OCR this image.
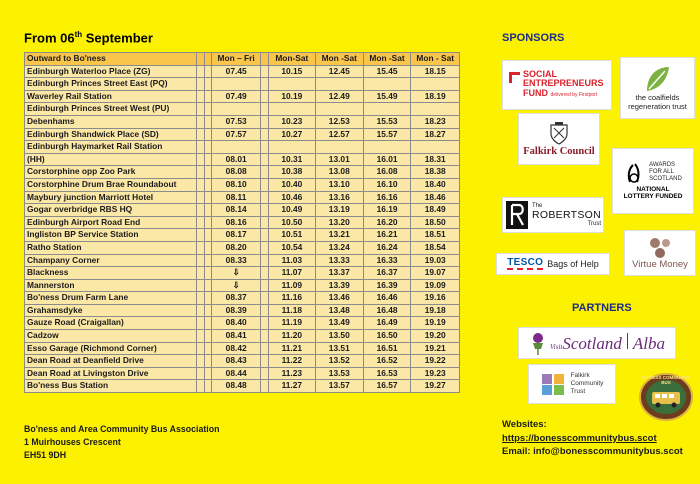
From 06th September
Outward to Bo'ness			Mon – Fri		Mon-Sat	Mon -Sat	Mon -Sat	Mon - Sat
Edinburgh Waterloo Place (ZG)			07.45		10.15	12.45	15.45	18.15
Edinburgh Princes Street East (PQ)								
Waverley Rail Station			07.49		10.19	12.49	15.49	18.19
Edinburgh Princes Street West (PU)								
Debenhams			07.53		10.23	12.53	15.53	18.23
Edinburgh Shandwick Place (SD)			07.57		10.27	12.57	15.57	18.27
Edinburgh Haymarket Rail Station								
(HH)			08.01		10.31	13.01	16.01	18.31
Corstorphine opp Zoo Park			08.08		10.38	13.08	16.08	18.38
Corstorphine Drum Brae Roundabout			08.10		10.40	13.10	16.10	18.40
Maybury junction Marriott Hotel			08.11		10.46	13.16	16.16	18.46
Gogar overbridge RBS HQ			08.14		10.49	13.19	16.19	18.49
Edinburgh Airport Road End			08.16		10.50	13.20	16.20	18.50
Ingliston BP Service Station			08.17		10.51	13.21	16.21	18.51
Ratho Station			08.20		10.54	13.24	16.24	18.54
Champany Corner			08.33		11.03	13.33	16.33	19.03
Blackness			⇩		11.07	13.37	16.37	19.07
Mannerston			⇩		11.09	13.39	16.39	19.09
Bo'ness Drum Farm Lane			08.37		11.16	13.46	16.46	19.16
Grahamsdyke			08.39		11.18	13.48	16.48	19.18
Gauze Road (Craigallan)			08.40		11.19	13.49	16.49	19.19
Cadzow			08.41		11.20	13.50	16.50	19.20
Esso Garage (Richmond Corner)			08.42		11.21	13.51	16.51	19.21
Dean Road at Deanfield Drive			08.43		11.22	13.52	16.52	19.22
Dean Road at Livingston Drive			08.44		11.23	13.53	16.53	19.23
Bo'ness Bus Station			08.48		11.27	13.57	16.57	19.27
Bo'ness and Area Community Bus Association
1 Muirhouses Crescent
EH51 9DH
SPONSORS
SOCIAL
ENTREPRENEURS
FUND delivered by Firstport	the coalfields regeneration trust
Falkirk Council
AWARDS
FOR ALL
SCOTLAND
NATIONAL LOTTERY FUNDED
The
ROBERTSON
Trust
Virtue Money
TESCO Bags of Help
PARTNERS
Visit Scotland Alba
Falkirk
Community
Trust
BO'NESS COMMUNITY BUS
Websites:
https://bonesscommunitybus.scot
Email: info@bonesscommunitybus.scot
